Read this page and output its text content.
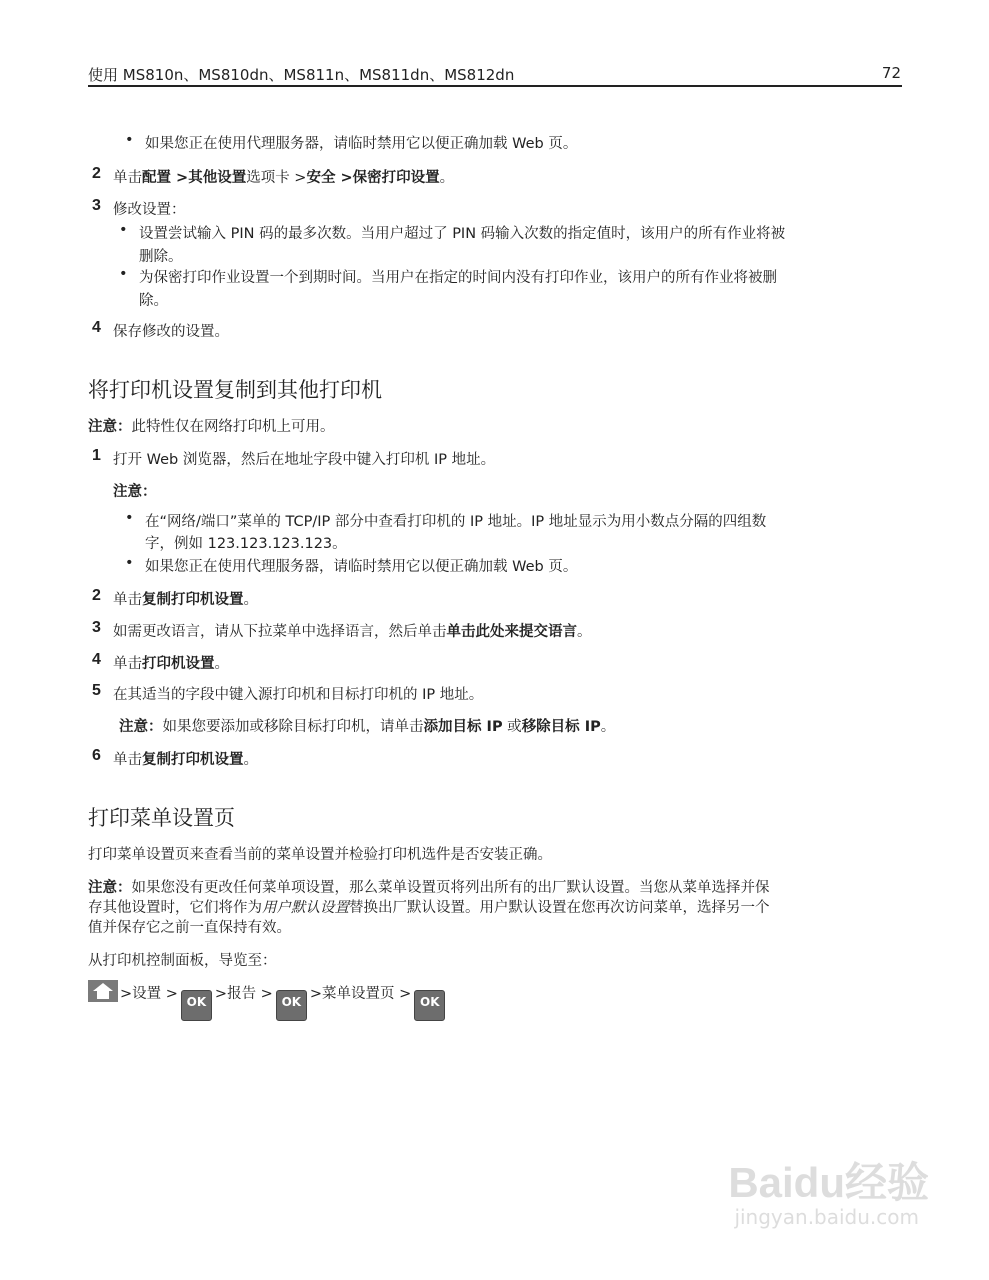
使用 MS810n、MS810dn、MS811n、MS811dn、MS812dn	72
• 如果您正在使用代理服务器，请临时禁用它以便正确加载 Web 页。
2 单击配置 >其他设置选项卡 >安全 >保密打印设置。
3 修改设置：
• 设置尝试输入 PIN 码的最多次数。当用户超过了 PIN 码输入次数的指定值时，该用户的所有作业将被
删除。
• 为保密打印作业设置一个到期时间。当用户在指定的时间内没有打印作业，该用户的所有作业将被删
除。
4 保存修改的设置。
将打印机设置复制到其他打印机
注意：此特性仅在网络打印机上可用。
1 打开 Web 浏览器，然后在地址字段中键入打印机 IP 地址。
注意：
• 在“网络/端口”菜单的 TCP/IP 部分中查看打印机的 IP 地址。IP 地址显示为用小数点分隔的四组数
字，例如 123.123.123.123。
• 如果您正在使用代理服务器，请临时禁用它以便正确加载 Web 页。
2 单击复制打印机设置。
3 如需更改语言，请从下拉菜单中选择语言，然后单击单击此处来提交语言。
4 单击打印机设置。
5 在其适当的字段中键入源打印机和目标打印机的 IP 地址。
注意：如果您要添加或移除目标打印机，请单击添加目标 IP 或移除目标 IP。
6 单击复制打印机设置。
打印菜单设置页
打印菜单设置页来查看当前的菜单设置并检验打印机选件是否安装正确。
注意：如果您没有更改任何菜单项设置，那么菜单设置页将列出所有的出厂默认设置。当您从菜单选择并保
存其他设置时，它们将作为用户默认设置替换出厂默认设置。用户默认设置在您再次访问菜单，选择另一个
值并保存它之前一直保持有效。
从打印机控制面板，导览至：
>设置 > OK >报告 > OK >菜单设置页 > OK
Baidu经验
jingyan.baidu.com
